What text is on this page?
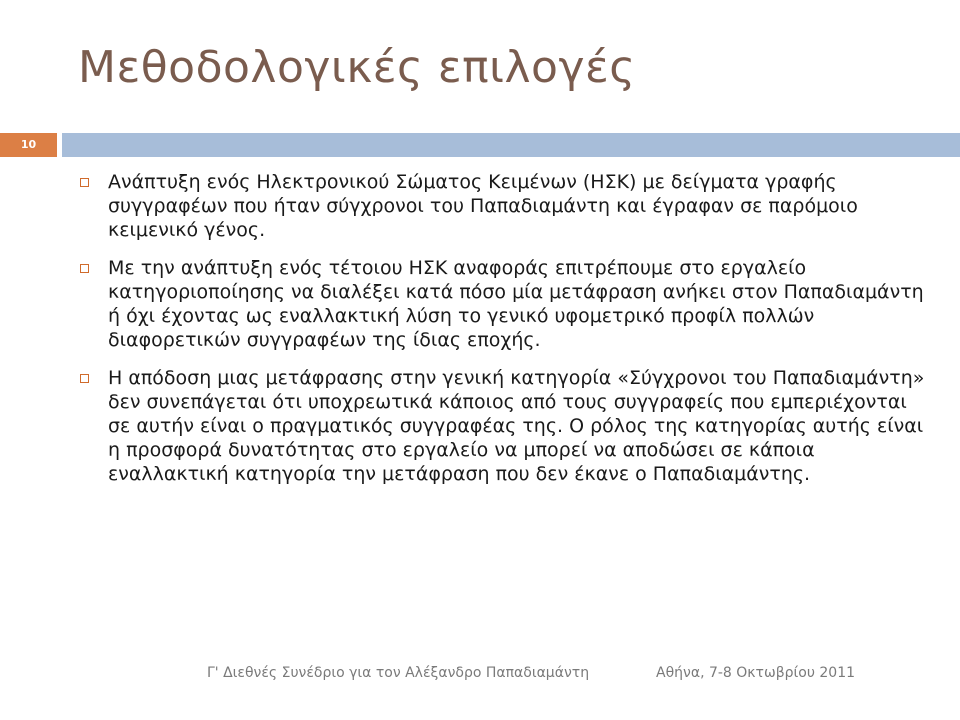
Μεθοδολογικές επιλογές
10
Ανάπτυξη ενός Ηλεκτρονικού Σώματος Κειμένων (ΗΣΚ) με δείγματα γραφής συγγραφέων που ήταν σύγχρονοι του Παπαδιαμάντη και έγραφαν σε παρόμοιο κειμενικό γένος.
Με την ανάπτυξη ενός τέτοιου ΗΣΚ αναφοράς επιτρέπουμε στο εργαλείο κατηγοριοποίησης να διαλέξει κατά πόσο μία μετάφραση ανήκει στον Παπαδιαμάντη ή όχι έχοντας ως εναλλακτική λύση το γενικό υφομετρικό προφίλ πολλών διαφορετικών συγγραφέων της ίδιας εποχής.
Η απόδοση μιας μετάφρασης στην γενική κατηγορία «Σύγχρονοι του Παπαδιαμάντη» δεν συνεπάγεται ότι υποχρεωτικά κάποιος από τους συγγραφείς που εμπεριέχονται σε αυτήν είναι ο πραγματικός συγγραφέας της. Ο ρόλος της κατηγορίας αυτής είναι η προσφορά δυνατότητας στο εργαλείο να μπορεί να αποδώσει σε κάποια εναλλακτική κατηγορία την μετάφραση που δεν έκανε ο Παπαδιαμάντης.
Γ' Διεθνές Συνέδριο για τον Αλέξανδρο Παπαδιαμάντη	Αθήνα, 7-8 Οκτωβρίου 2011
